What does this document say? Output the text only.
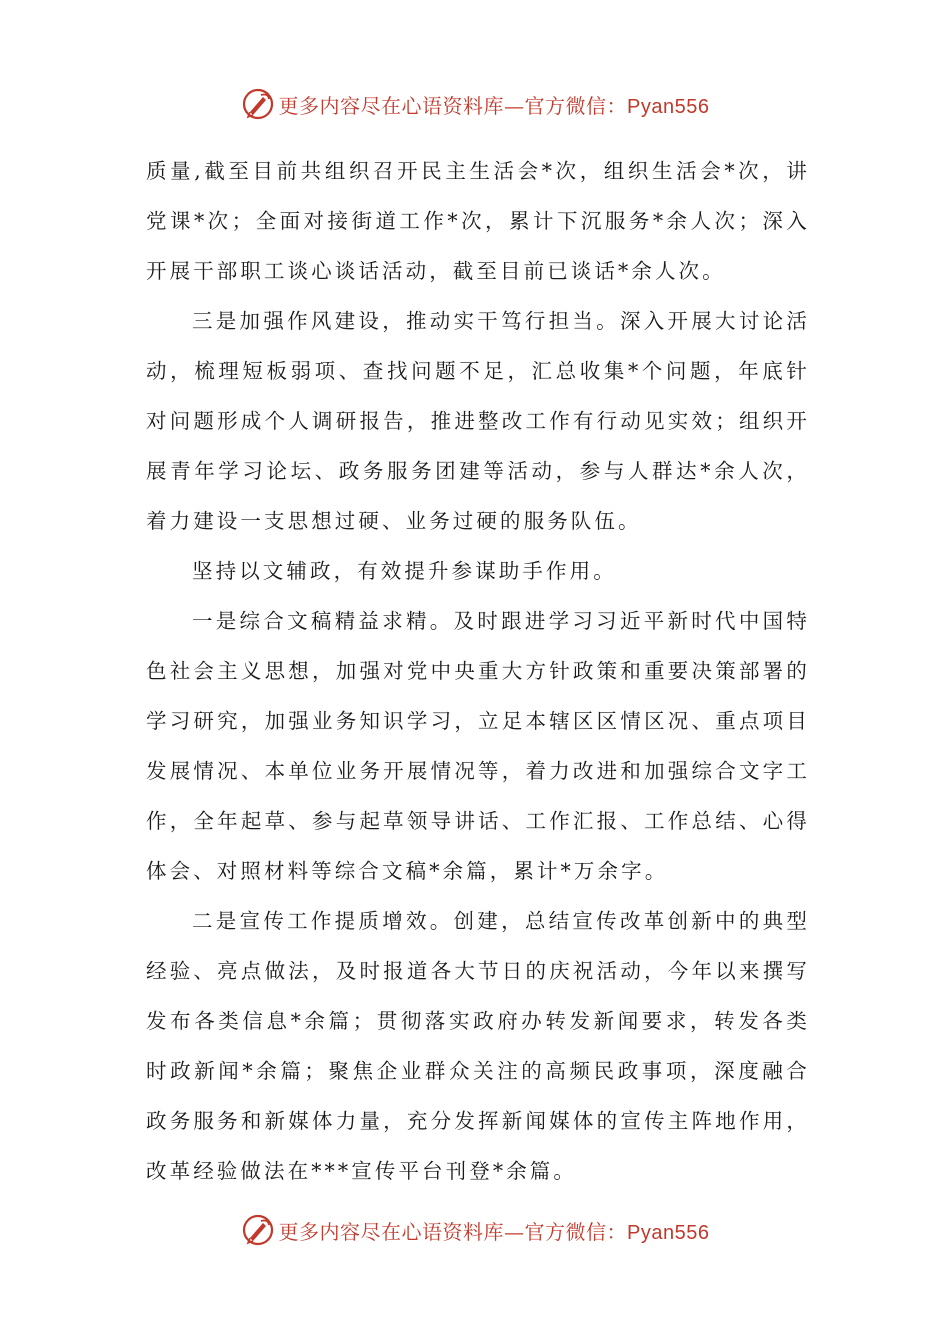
更多内容尽在心语资料库—官方微信：Pyan556

质量,截至目前共组织召开民主生活会*次，组织生活会*次，讲党课*次；全面对接街道工作*次，累计下沉服务*余人次；深入开展干部职工谈心谈话活动，截至目前已谈话*余人次。

三是加强作风建设，推动实干笃行担当。深入开展大讨论活动，梳理短板弱项、查找问题不足，汇总收集*个问题，年底针对问题形成个人调研报告，推进整改工作有行动见实效；组织开展青年学习论坛、政务服务团建等活动，参与人群达*余人次，着力建设一支思想过硬、业务过硬的服务队伍。

坚持以文辅政，有效提升参谋助手作用。

一是综合文稿精益求精。及时跟进学习习近平新时代中国特色社会主义思想，加强对党中央重大方针政策和重要决策部署的学习研究，加强业务知识学习，立足本辖区区情区况、重点项目发展情况、本单位业务开展情况等，着力改进和加强综合文字工作，全年起草、参与起草领导讲话、工作汇报、工作总结、心得体会、对照材料等综合文稿*余篇，累计*万余字。

二是宣传工作提质增效。创建，总结宣传改革创新中的典型经验、亮点做法，及时报道各大节日的庆祝活动，今年以来撰写发布各类信息*余篇；贯彻落实政府办转发新闻要求，转发各类时政新闻*余篇；聚焦企业群众关注的高频民政事项，深度融合政务服务和新媒体力量，充分发挥新闻媒体的宣传主阵地作用，改革经验做法在***宣传平台刊登*余篇。

更多内容尽在心语资料库—官方微信：Pyan556
